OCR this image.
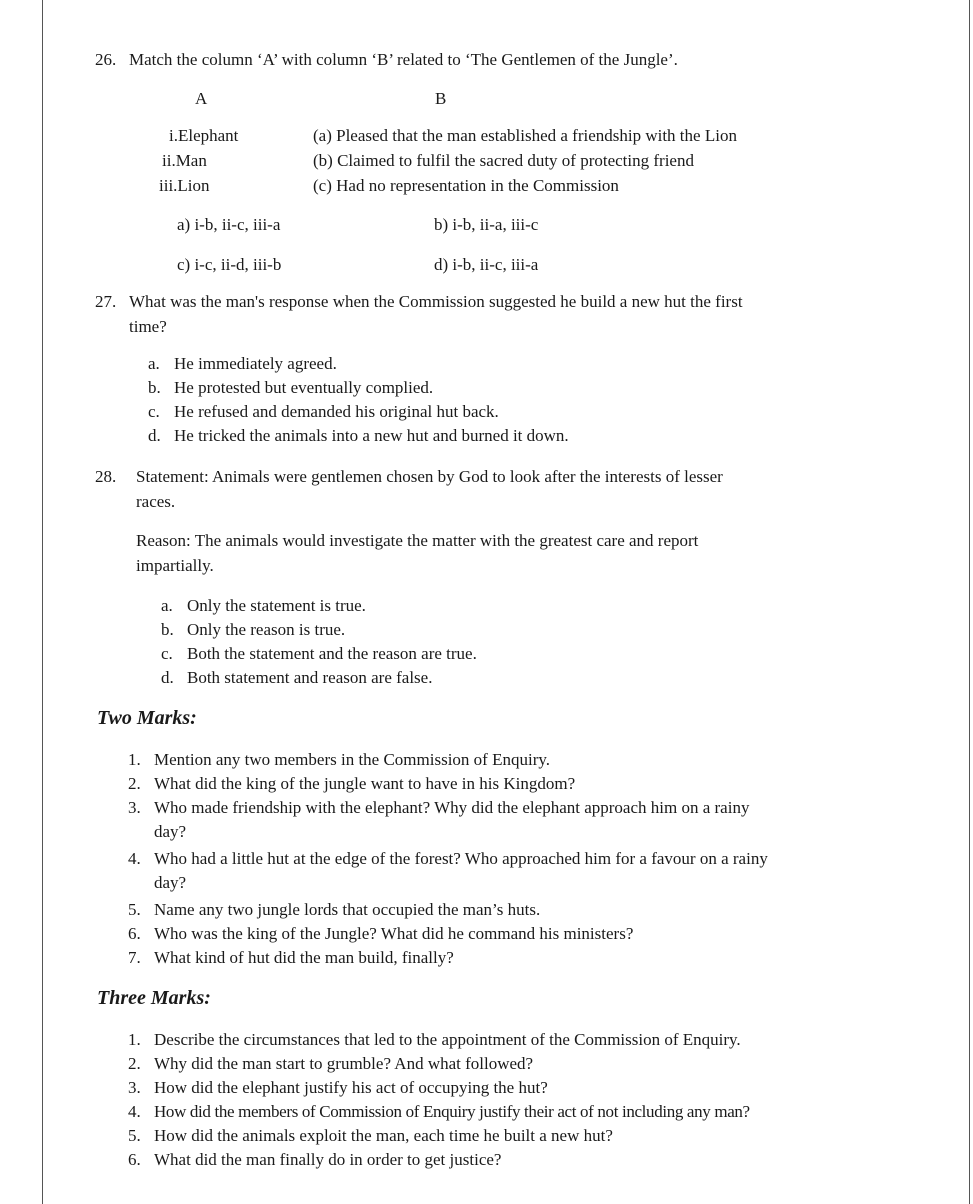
26. Match the column ‘A’ with column ‘B’ related to ‘The Gentlemen of the Jungle’.
A	B
i.Elephant	(a) Pleased that the man established a friendship with the Lion
ii.Man	(b) Claimed to fulfil the sacred duty of protecting friend
iii.Lion	(c) Had no representation in the Commission
a) i-b, ii-c, iii-a	b) i-b, ii-a, iii-c
c) i-c, ii-d, iii-b	d) i-b, ii-c, iii-a
27. What was the man's response when the Commission suggested he build a new hut the first
time?
a. He immediately agreed.
b. He protested but eventually complied.
c. He refused and demanded his original hut back.
d. He tricked the animals into a new hut and burned it down.
28. Statement: Animals were gentlemen chosen by God to look after the interests of lesser
races.
Reason: The animals would investigate the matter with the greatest care and report
impartially.
a. Only the statement is true.
b. Only the reason is true.
c. Both the statement and the reason are true.
d. Both statement and reason are false.
Two Marks:
1. Mention any two members in the Commission of Enquiry.
2. What did the king of the jungle want to have in his Kingdom?
3. Who made friendship with the elephant? Why did the elephant approach him on a rainy
day?
4. Who had a little hut at the edge of the forest? Who approached him for a favour on a rainy
day?
5. Name any two jungle lords that occupied the man’s huts.
6. Who was the king of the Jungle? What did he command his ministers?
7. What kind of hut did the man build, finally?
Three Marks:
1. Describe the circumstances that led to the appointment of the Commission of Enquiry.
2. Why did the man start to grumble? And what followed?
3. How did the elephant justify his act of occupying the hut?
4. How did the members of Commission of Enquiry justify their act of not including any man?
5. How did the animals exploit the man, each time he built a new hut?
6. What did the man finally do in order to get justice?
